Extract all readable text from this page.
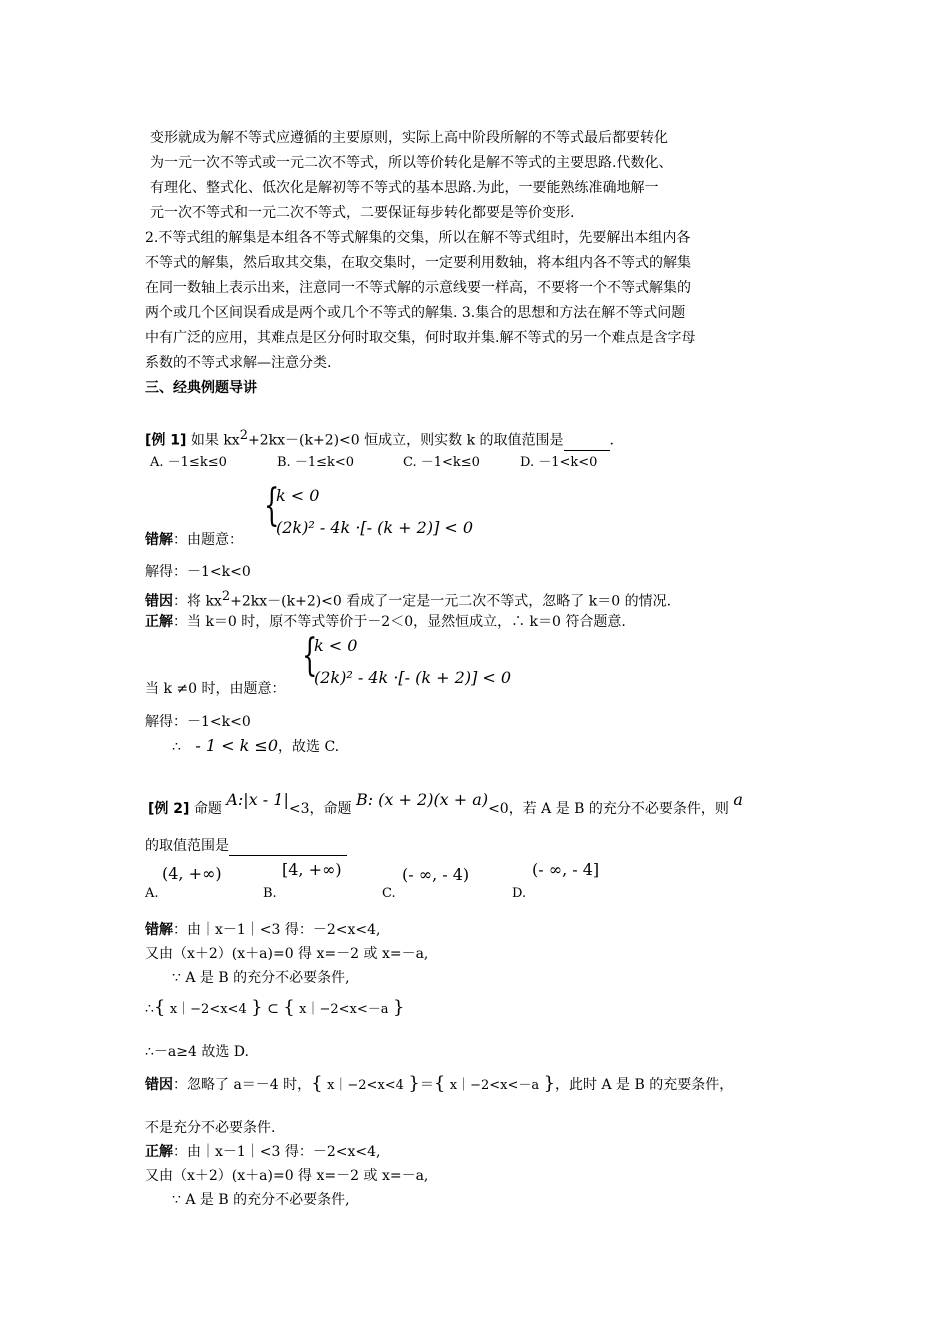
变形就成为解不等式应遵循的主要原则，实际上高中阶段所解的不等式最后都要转化
为一元一次不等式或一元二次不等式，所以等价转化是解不等式的主要思路.代数化、
有理化、整式化、低次化是解初等不等式的基本思路.为此，一要能熟练准确地解一
元一次不等式和一元二次不等式，二要保证每步转化都要是等价变形.
2.不等式组的解集是本组各不等式解集的交集，所以在解不等式组时，先要解出本组内各
不等式的解集，然后取其交集，在取交集时，一定要利用数轴，将本组内各不等式的解集
在同一数轴上表示出来，注意同一不等式解的示意线要一样高，不要将一个不等式解集的
两个或几个区间误看成是两个或几个不等式的解集. 3.集合的思想和方法在解不等式问题
中有广泛的应用，其难点是区分何时取交集，何时取并集.解不等式的另一个难点是含字母
系数的不等式求解—注意分类.
三、经典例题导讲
[例 1] 如果 $kx^2+2kx-(k+2)<0$ 恒成立，则实数 k 的取值范围是	.
A. －1≤k≤0	B. －1≤k<0	C. －1<k≤0	D. －1<k<0
{
k < 0
(2k)² - 4k ·[- (k + 2)] < 0
错解：由题意：
解得：－1<k<0
错因：将 $kx^2+2kx-(k+2)<0$ 看成了一定是一元二次不等式，忽略了 k＝0 的情况.
正解：当 k＝0 时，原不等式等价于－2＜0，显然恒成立，∴ k＝0 符合题意.
{
k < 0
(2k)² - 4k ·[- (k + 2)] < 0
当 k ≠0 时，由题意：
解得：－1<k<0
∴ - 1 < k ≤0，故选 C.
[例 2] 命题 A:|x - 1|<3，命题 B: (x + 2)(x + a)<0，若 A 是 B 的充分不必要条件，则 a
的取值范围是
(4, +∞)
A.
[4, +∞)
B.
(- ∞, - 4)
C.
(- ∞, - 4]
D.
错解：由｜x－1｜<3 得：－2<x<4,
又由（x＋2）(x＋a)=0 得 x=－2 或 x=－a,
∵ A 是 B 的充分不必要条件,
∴{ x｜−2<x<4 } ⊂ { x｜−2<x<－a }
∴－a≥4 故选 D.
错因：忽略了 a＝－4 时，{ x｜−2<x<4 }＝{ x｜−2<x<－a }，此时 A 是 B 的充要条件，
不是充分不必要条件.
正解：由｜x－1｜<3 得：－2<x<4,
又由（x＋2）(x＋a)=0 得 x=－2 或 x=－a,
∵ A 是 B 的充分不必要条件,
